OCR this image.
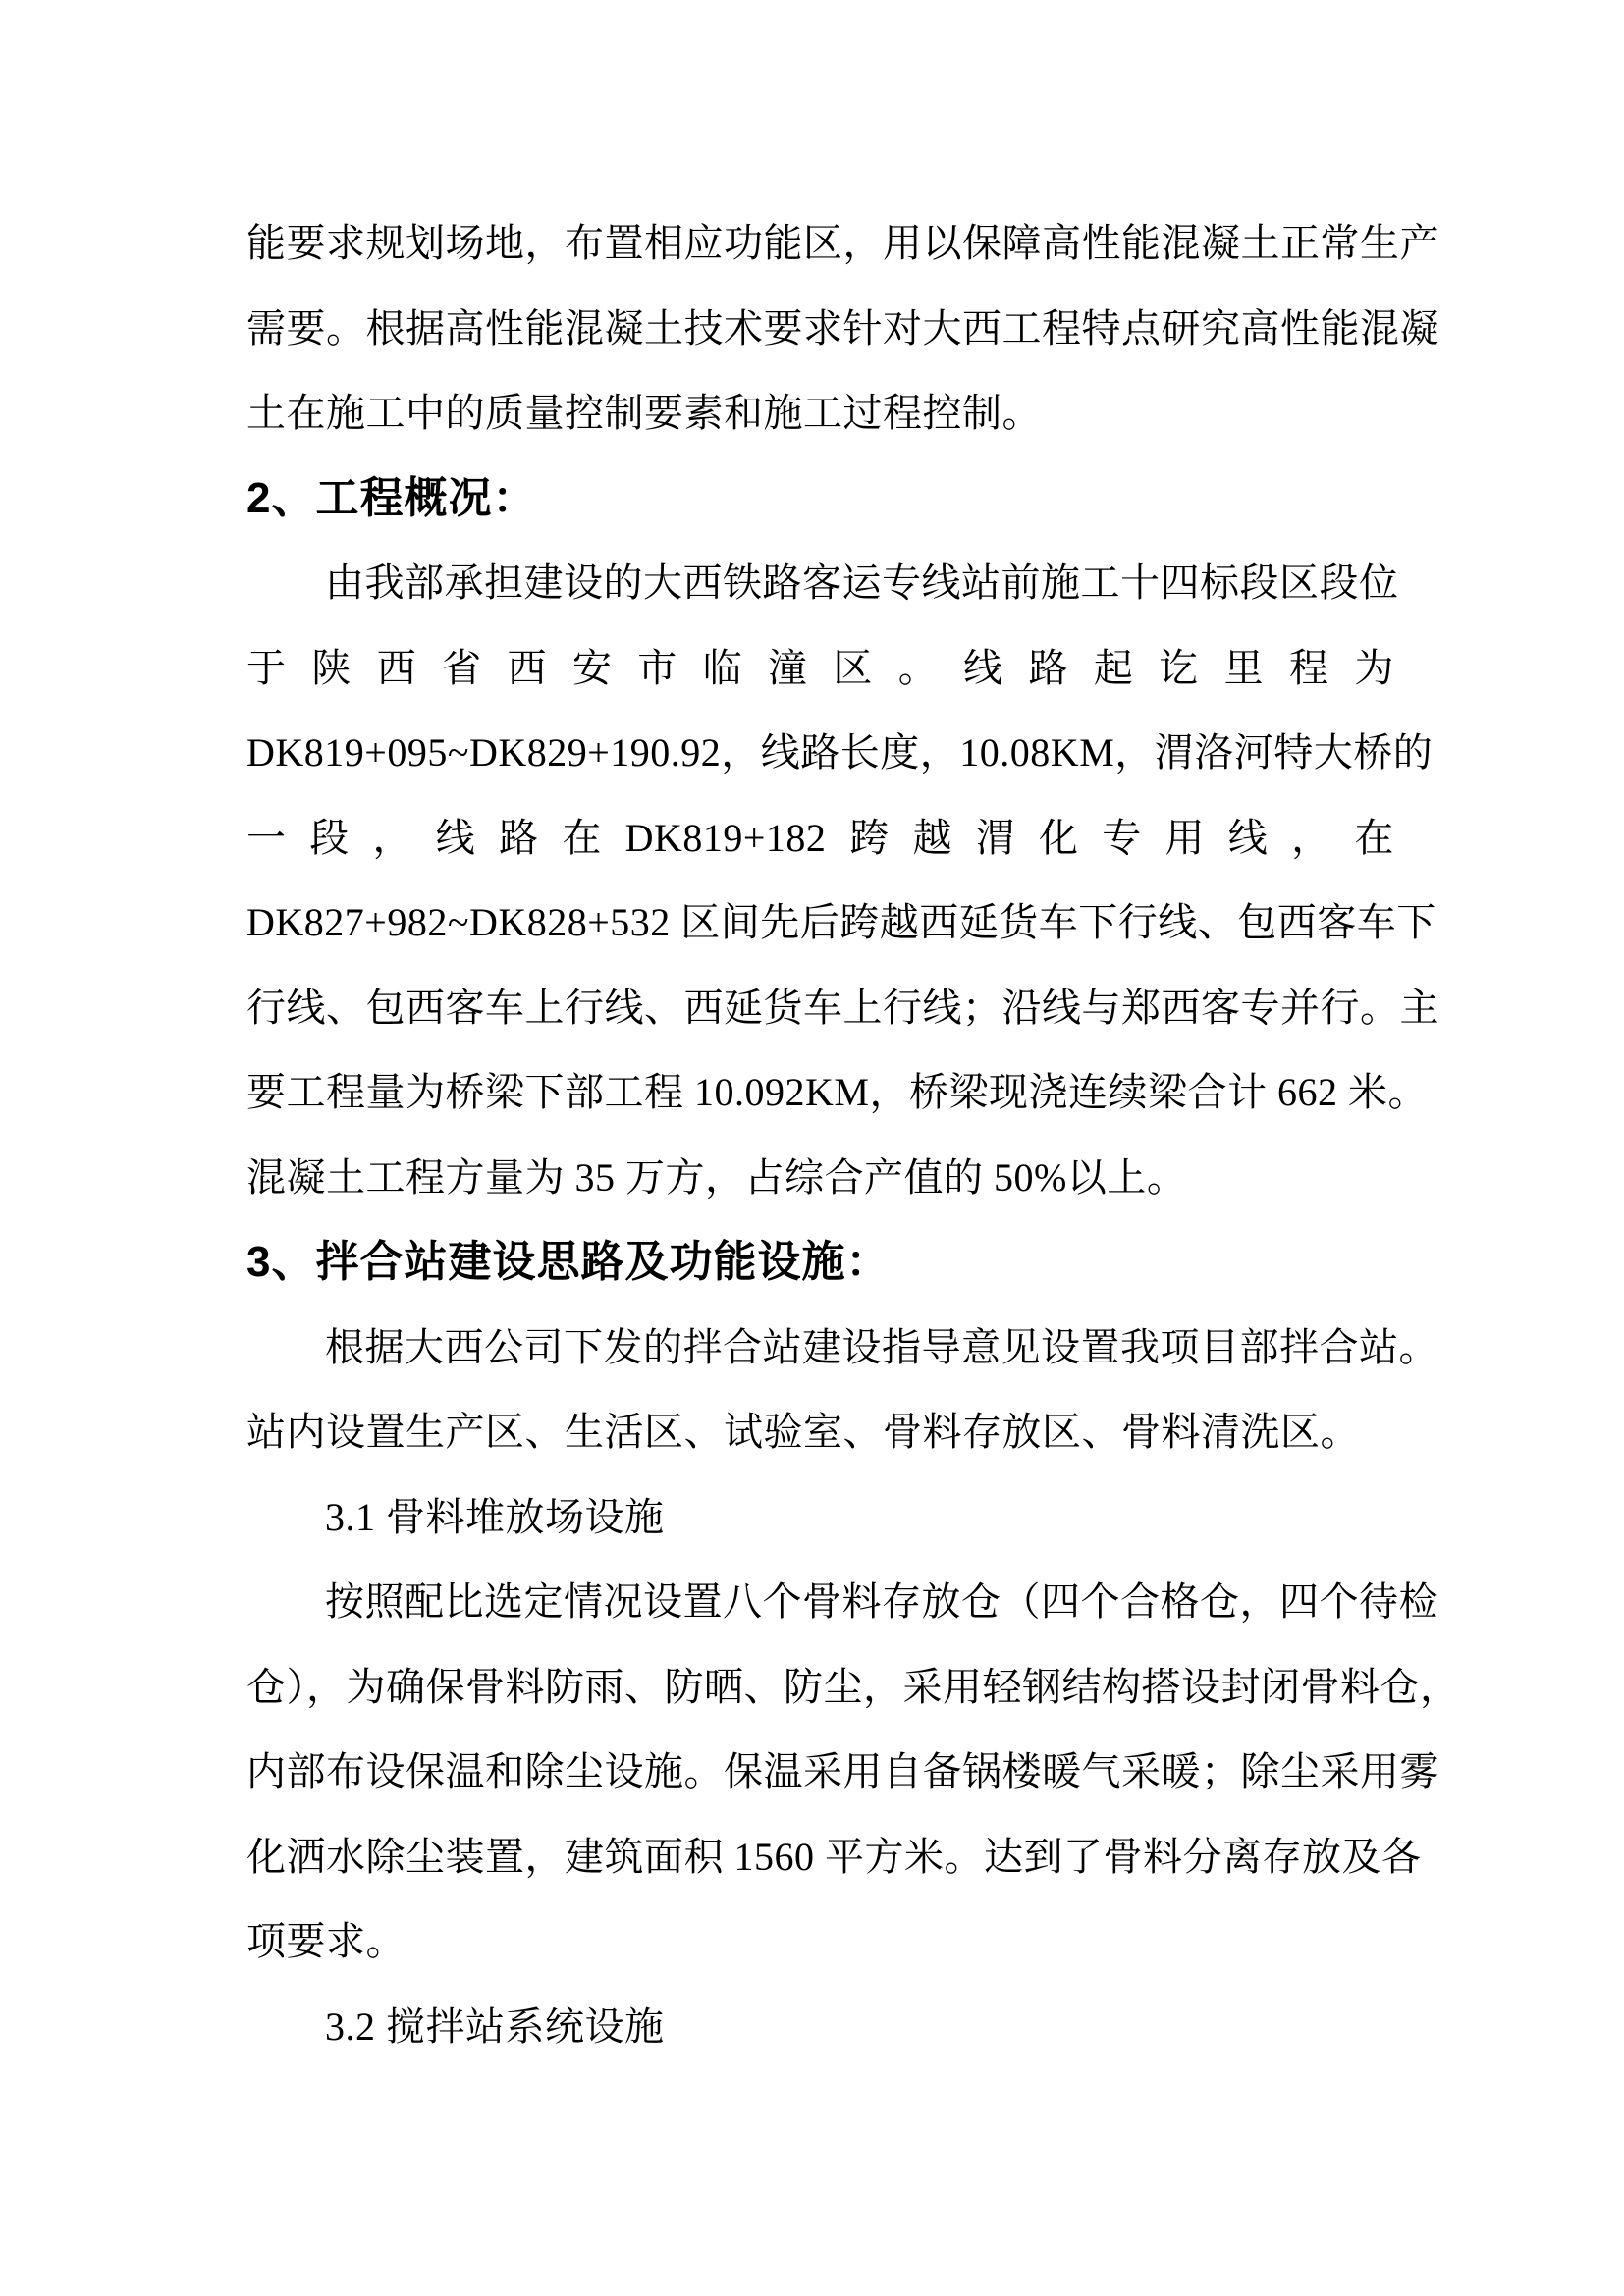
能要求规划场地，布置相应功能区，用以保障高性能混凝土正常生产
需要。根据高性能混凝土技术要求针对大西工程特点研究高性能混凝
土在施工中的质量控制要素和施工过程控制。
2、工程概况：
由我部承担建设的大西铁路客运专线站前施工十四标段区段位
于 陕 西 省 西 安 市 临 潼 区 。 线 路 起 讫 里 程 为
DK819+095~DK829+190.92，线路长度，10.08KM，渭洛河特大桥的
一 段 ， 线 路 在 DK819+182 跨 越 渭 化 专 用 线 ， 在
DK827+982~DK828+532 区间先后跨越西延货车下行线、包西客车下
行线、包西客车上行线、西延货车上行线；沿线与郑西客专并行。主
要工程量为桥梁下部工程 10.092KM，桥梁现浇连续梁合计 662 米。
混凝土工程方量为 35 万方，占综合产值的 50%以上。
3、拌合站建设思路及功能设施：
根据大西公司下发的拌合站建设指导意见设置我项目部拌合站。
站内设置生产区、生活区、试验室、骨料存放区、骨料清洗区。
3.1 骨料堆放场设施
按照配比选定情况设置八个骨料存放仓（四个合格仓，四个待检
仓），为确保骨料防雨、防晒、防尘，采用轻钢结构搭设封闭骨料仓，
内部布设保温和除尘设施。保温采用自备锅楼暖气采暖；除尘采用雾
化洒水除尘装置，建筑面积 1560 平方米。达到了骨料分离存放及各
项要求。
3.2 搅拌站系统设施
